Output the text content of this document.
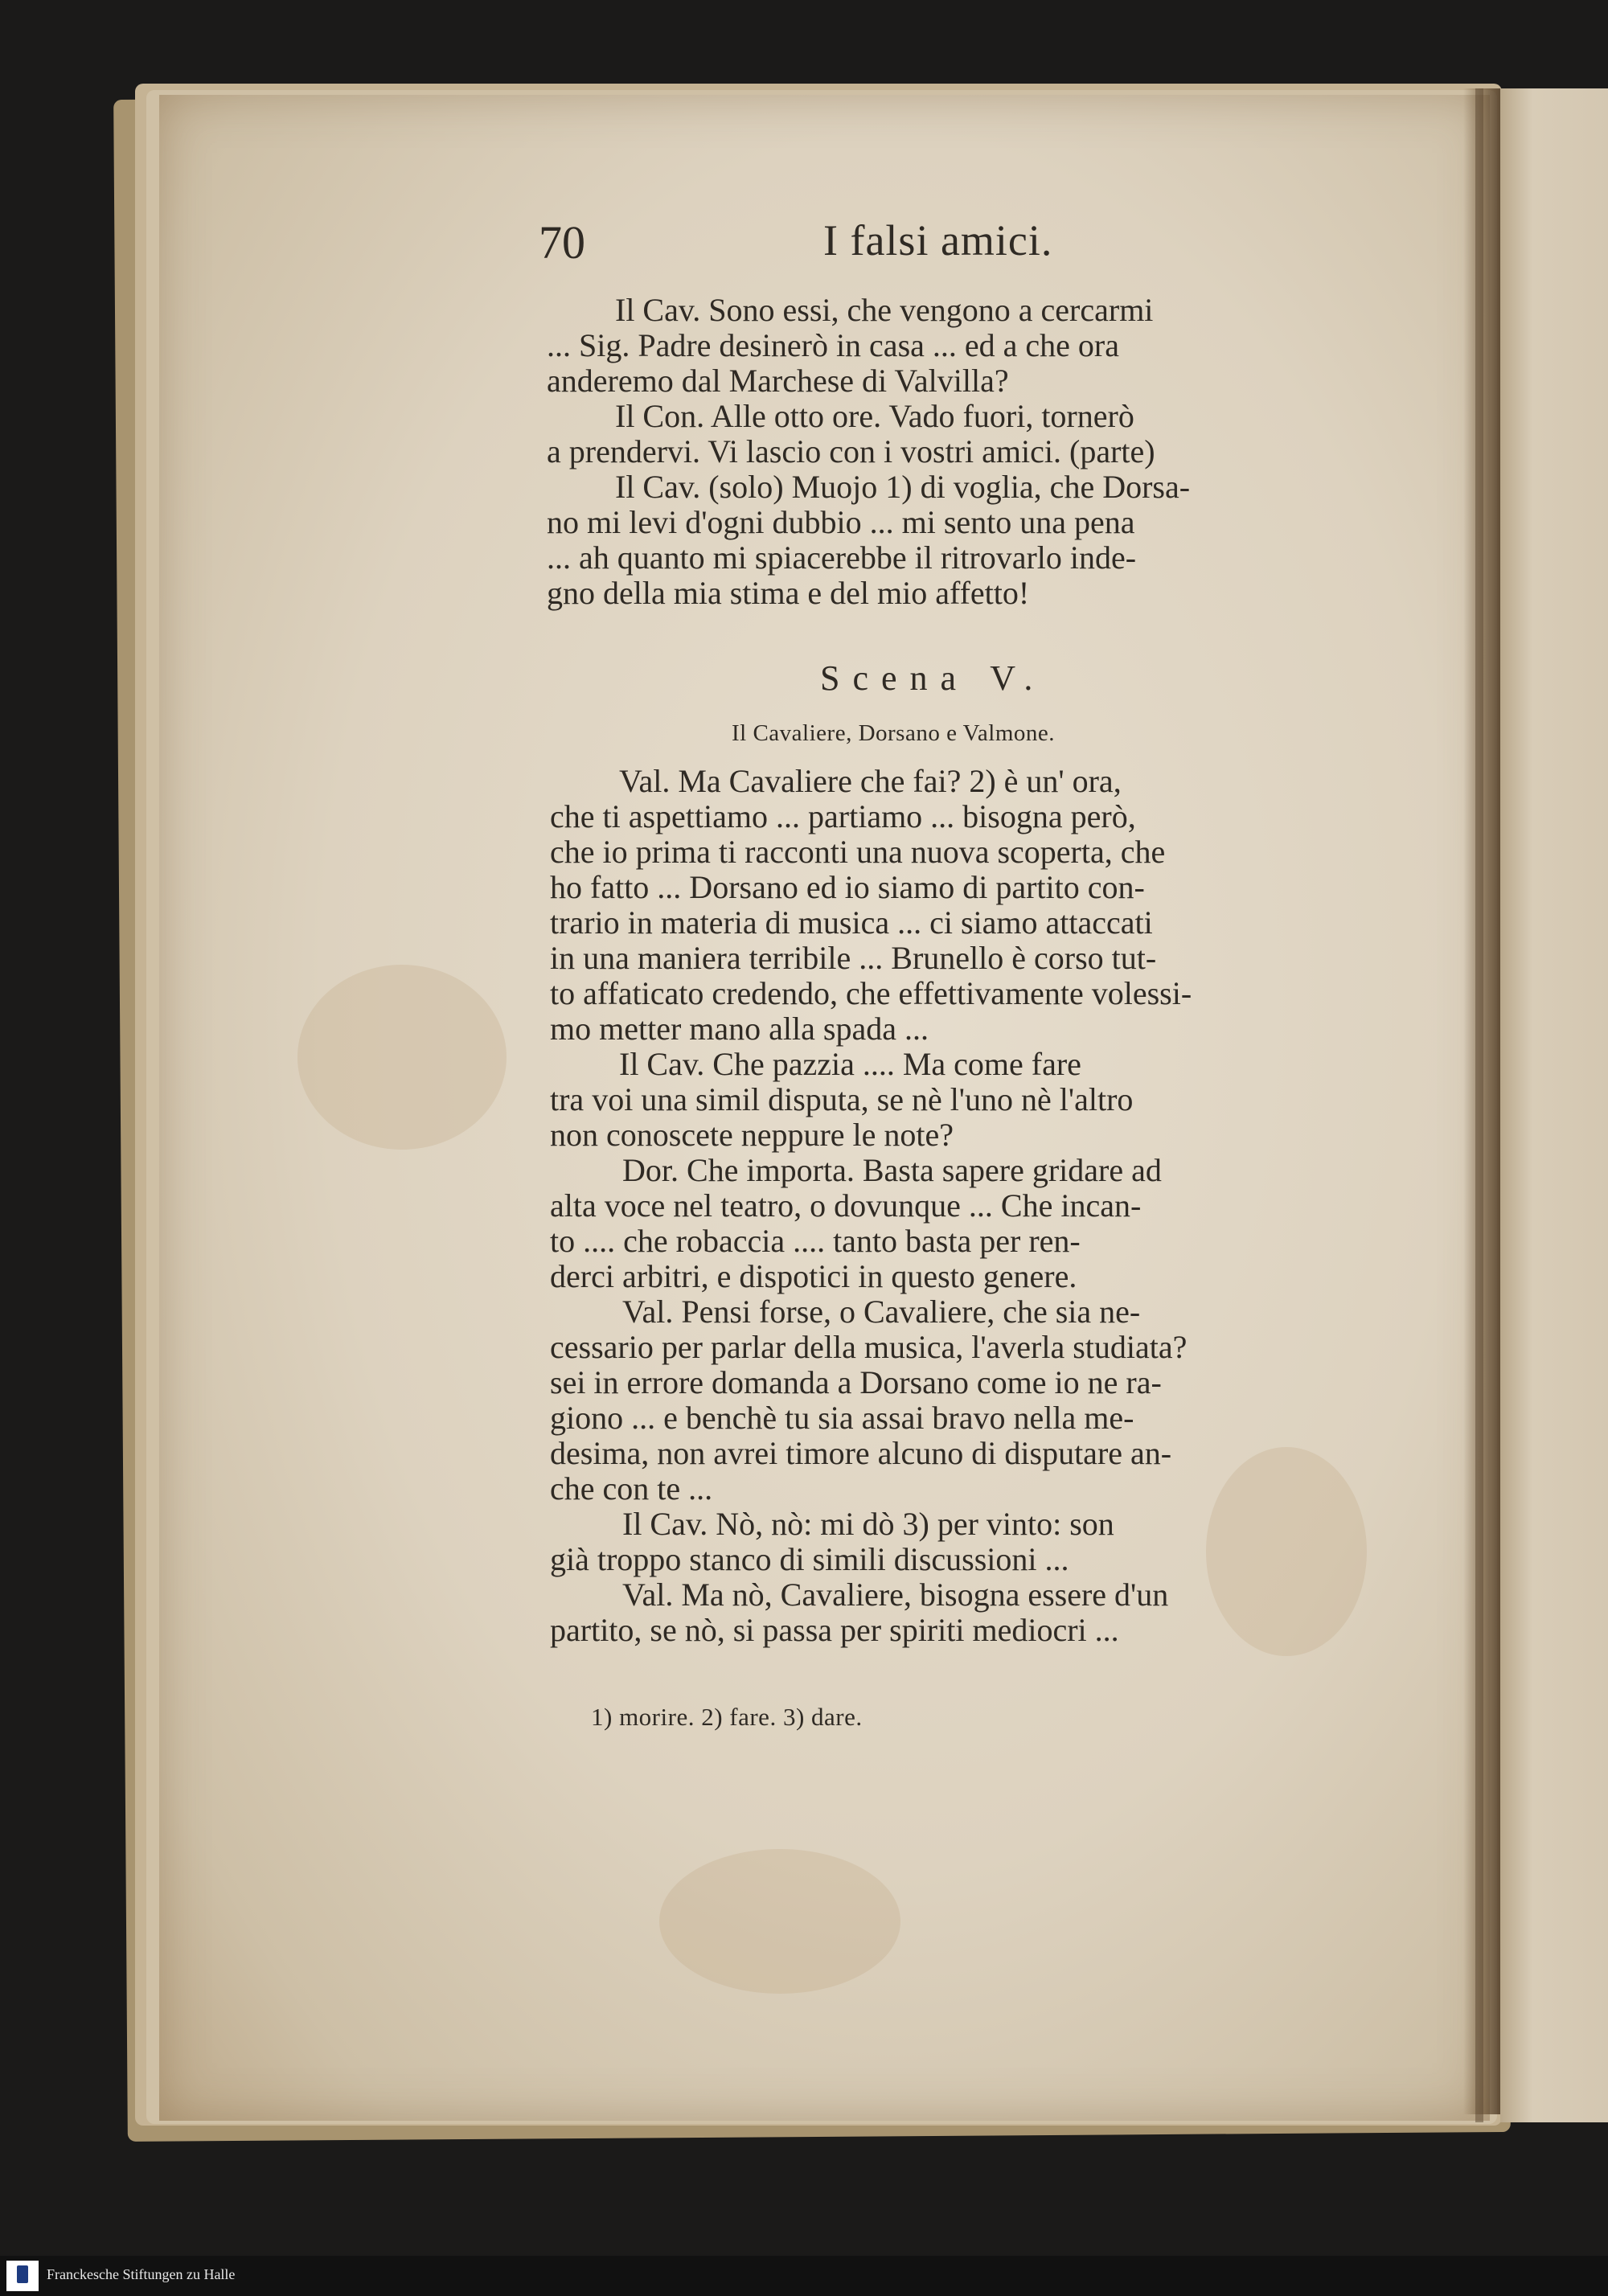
70	I falsi amici.
Il Cav. Sono essi, che vengono a cercarmi
... Sig. Padre desinerò in casa ... ed a che ora
anderemo dal Marchese di Valvilla?
Il Con. Alle otto ore. Vado fuori, tornerò
a prendervi. Vi lascio con i vostri amici. (parte)
Il Cav. (solo) Muojo 1) di voglia, che Dorsa-
no mi levi d'ogni dubbio ... mi sento una pena
... ah quanto mi spiacerebbe il ritrovarlo inde-
gno della mia stima e del mio affetto!
Scena V.
Il Cavaliere, Dorsano e Valmone.
Val. Ma Cavaliere che fai? 2) è un' ora,
che ti aspettiamo ... partiamo ... bisogna però,
che io prima ti racconti una nuova scoperta, che
ho fatto ... Dorsano ed io siamo di partito con-
trario in materia di musica ... ci siamo attaccati
in una maniera terribile ... Brunello è corso tut-
to affaticato credendo, che effettivamente volessi-
mo metter mano alla spada ...
Il Cav. Che pazzia .... Ma come fare
tra voi una simil disputa, se nè l'uno nè l'altro
non conoscete neppure le note?
Dor. Che importa. Basta sapere gridare ad
alta voce nel teatro, o dovunque ... Che incan-
to .... che robaccia .... tanto basta per ren-
derci arbitri, e dispotici in questo genere.
Val. Pensi forse, o Cavaliere, che sia ne-
cessario per parlar della musica, l'averla studiata?
sei in errore domanda a Dorsano come io ne ra-
giono ... e benchè tu sia assai bravo nella me-
desima, non avrei timore alcuno di disputare an-
che con te ...
Il Cav. Nò, nò: mi dò 3) per vinto: son
già troppo stanco di simili discussioni ...
Val. Ma nò, Cavaliere, bisogna essere d'un
partito, se nò, si passa per spiriti mediocri ...
1) morire. 2) fare. 3) dare.
Franckesche Stiftungen zu Halle
